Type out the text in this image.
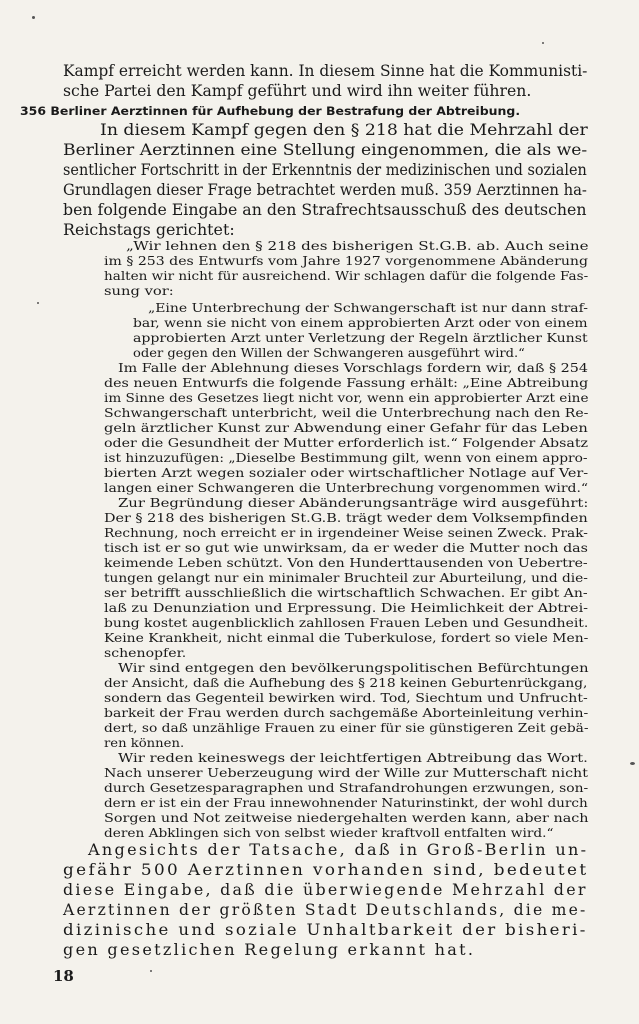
Kampf erreicht werden kann. In diesem Sinne hat die Kommunisti-
sche Partei den Kampf geführt und wird ihn weiter führen.
356 Berliner Aerztinnen für Aufhebung der Bestrafung der Abtreibung.
In diesem Kampf gegen den § 218 hat die Mehrzahl der
Berliner Aerztinnen eine Stellung eingenommen, die als we-
sentlicher Fortschritt in der Erkenntnis der medizinischen und sozialen
Grundlagen dieser Frage betrachtet werden muß. 359 Aerztinnen ha-
ben folgende Eingabe an den Strafrechtsausschuß des deutschen
Reichstags gerichtet:
„Wir lehnen den § 218 des bisherigen St.G.B. ab. Auch seine
im § 253 des Entwurfs vom Jahre 1927 vorgenommene Abänderung
halten wir nicht für ausreichend. Wir schlagen dafür die folgende Fas-
sung vor:
„Eine Unterbrechung der Schwangerschaft ist nur dann straf-
bar, wenn sie nicht von einem approbierten Arzt oder von einem
approbierten Arzt unter Verletzung der Regeln ärztlicher Kunst
oder gegen den Willen der Schwangeren ausgeführt wird.“
Im Falle der Ablehnung dieses Vorschlags fordern wir, daß § 254
des neuen Entwurfs die folgende Fassung erhält: „Eine Abtreibung
im Sinne des Gesetzes liegt nicht vor, wenn ein approbierter Arzt eine
Schwangerschaft unterbricht, weil die Unterbrechung nach den Re-
geln ärztlicher Kunst zur Abwendung einer Gefahr für das Leben
oder die Gesundheit der Mutter erforderlich ist.“ Folgender Absatz
ist hinzuzufügen: „Dieselbe Bestimmung gilt, wenn von einem appro-
bierten Arzt wegen sozialer oder wirtschaftlicher Notlage auf Ver-
langen einer Schwangeren die Unterbrechung vorgenommen wird.“
Zur Begründung dieser Abänderungsanträge wird ausgeführt:
Der § 218 des bisherigen St.G.B. trägt weder dem Volksempfinden
Rechnung, noch erreicht er in irgendeiner Weise seinen Zweck. Prak-
tisch ist er so gut wie unwirksam, da er weder die Mutter noch das
keimende Leben schützt. Von den Hunderttausenden von Uebertre-
tungen gelangt nur ein minimaler Bruchteil zur Aburteilung, und die-
ser betrifft ausschließlich die wirtschaftlich Schwachen. Er gibt An-
laß zu Denunziation und Erpressung. Die Heimlichkeit der Abtrei-
bung kostet augenblicklich zahllosen Frauen Leben und Gesundheit.
Keine Krankheit, nicht einmal die Tuberkulose, fordert so viele Men-
schenopfer.
Wir sind entgegen den bevölkerungspolitischen Befürchtungen
der Ansicht, daß die Aufhebung des § 218 keinen Geburtenrückgang,
sondern das Gegenteil bewirken wird. Tod, Siechtum und Unfrucht-
barkeit der Frau werden durch sachgemäße Aborteinleitung verhin-
dert, so daß unzählige Frauen zu einer für sie günstigeren Zeit gebä-
ren können.
Wir reden keineswegs der leichtfertigen Abtreibung das Wort.
Nach unserer Ueberzeugung wird der Wille zur Mutterschaft nicht
durch Gesetzesparagraphen und Strafandrohungen erzwungen, son-
dern er ist ein der Frau innewohnender Naturinstinkt, der wohl durch
Sorgen und Not zeitweise niedergehalten werden kann, aber nach
deren Abklingen sich von selbst wieder kraftvoll entfalten wird.“
Angesichts der Tatsache, daß in Groß-Berlin un-
gefähr 500 Aerztinnen vorhanden sind, bedeutet
diese Eingabe, daß die überwiegende Mehrzahl der
Aerztinnen der größten Stadt Deutschlands, die me-
dizinische und soziale Unhaltbarkeit der bisheri-
gen gesetzlichen Regelung erkannt hat.
18
